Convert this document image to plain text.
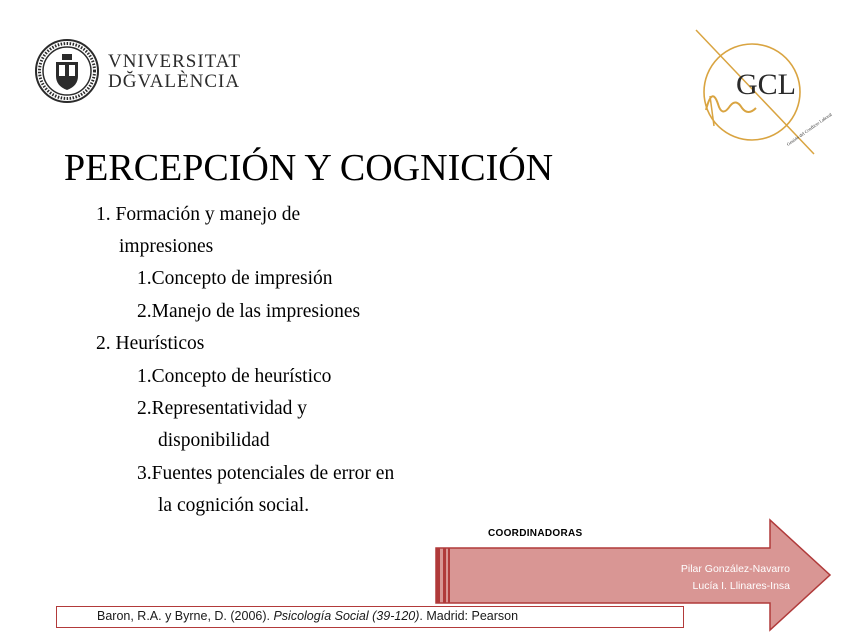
VNIVERSITAT
DĞVALÈNCIA	GCL
Gestión del Conflicto Laboral
PERCEPCIÓN Y COGNICIÓN
1. Formación y manejo de
impresiones
1.Concepto de impresión
2.Manejo de las impresiones
2. Heurísticos
1.Concepto de heurístico
2.Representatividad y
disponibilidad
3.Fuentes potenciales de error en
la cognición social.
COORDINADORAS
Pilar González-Navarro
Lucía I. Llinares-Insa
Baron, R.A. y Byrne, D. (2006). Psicología Social (39-120). Madrid: Pearson
